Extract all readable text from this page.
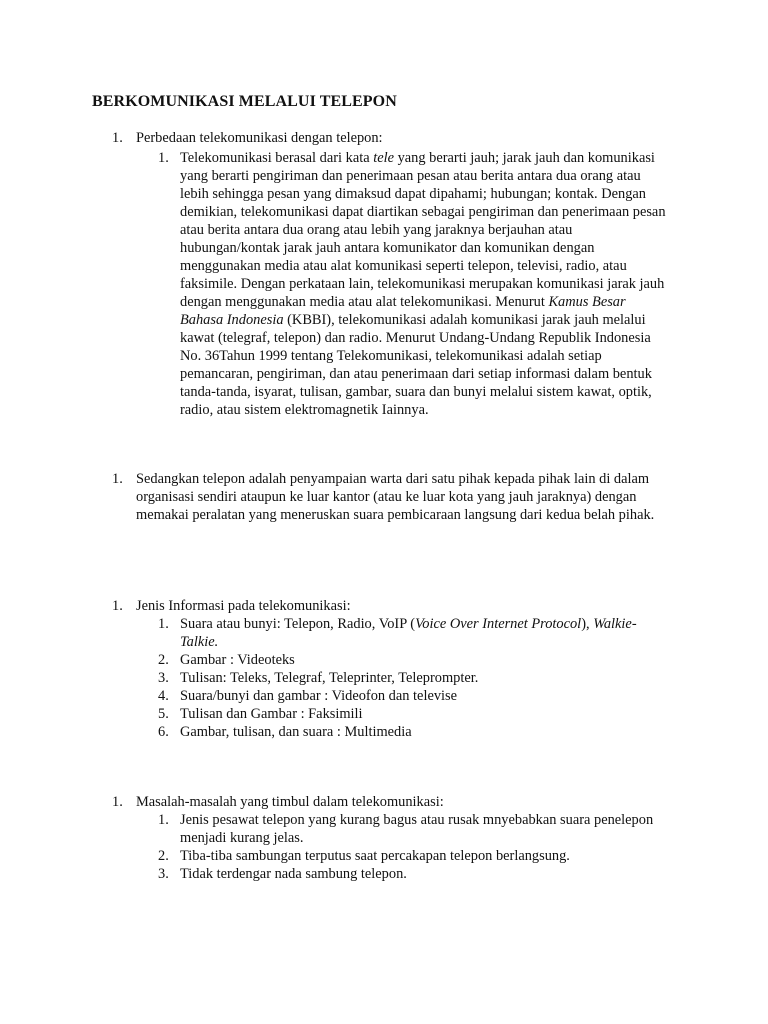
BERKOMUNIKASI MELALUI TELEPON
1. Perbedaan telekomunikasi dengan telepon:
1. Telekomunikasi berasal dari kata tele yang berarti jauh; jarak jauh dan komunikasi yang berarti pengiriman dan penerimaan pesan atau berita antara dua orang atau lebih sehingga pesan yang dimaksud dapat dipahami; hubungan; kontak. Dengan demikian, telekomunikasi dapat diartikan sebagai pengiriman dan penerimaan pesan atau berita antara dua orang atau lebih yang jaraknya berjauhan atau hubungan/kontak jarak jauh antara komunikator dan komunikan dengan menggunakan media atau alat komunikasi seperti telepon, televisi, radio, atau faksimile. Dengan perkataan lain, telekomunikasi merupakan komunikasi jarak jauh dengan menggunakan media atau alat telekomunikasi. Menurut Kamus Besar Bahasa Indonesia (KBBI), telekomunikasi adalah komunikasi jarak jauh melalui kawat (telegraf, telepon) dan radio. Menurut Undang-Undang Republik Indonesia No. 36Tahun 1999 tentang Telekomunikasi, telekomunikasi adalah setiap pemancaran, pengiriman, dan atau penerimaan dari setiap informasi dalam bentuk tanda-tanda, isyarat, tulisan, gambar, suara dan bunyi melalui sistem kawat, optik, radio, atau sistem elektromagnetik Iainnya.
1. Sedangkan telepon adalah penyampaian warta dari satu pihak kepada pihak lain di dalam organisasi sendiri ataupun ke luar kantor (atau ke luar kota yang jauh jaraknya) dengan memakai peralatan yang meneruskan suara pembicaraan langsung dari kedua belah pihak.
1. Jenis Informasi pada telekomunikasi:
1. Suara atau bunyi: Telepon, Radio, VoIP (Voice Over Internet Protocol), Walkie-Talkie.
2. Gambar : Videoteks
3. Tulisan: Teleks, Telegraf, Teleprinter, Teleprompter.
4. Suara/bunyi dan gambar : Videofon dan televise
5. Tulisan dan Gambar : Faksimili
6. Gambar, tulisan, dan suara : Multimedia
1. Masalah-masalah yang timbul dalam telekomunikasi:
1. Jenis pesawat telepon yang kurang bagus atau rusak mnyebabkan suara penelepon menjadi kurang jelas.
2. Tiba-tiba sambungan terputus saat percakapan telepon berlangsung.
3. Tidak terdengar nada sambung telepon.
